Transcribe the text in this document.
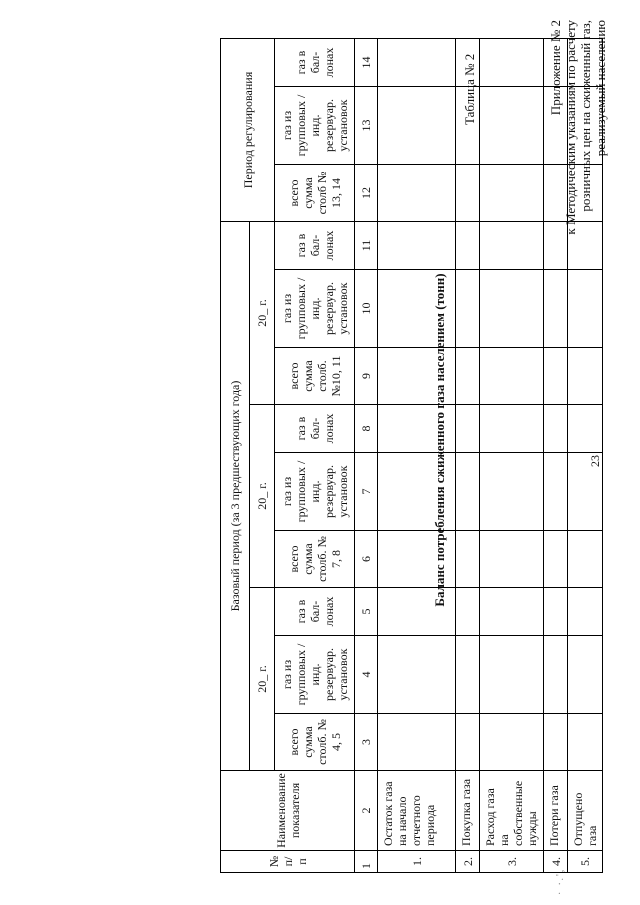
23
Приложение № 2 к Методическим указаниям по расчету розничных цен на сжиженный газ, реализуемый населению
Таблица № 2
Баланс потребления сжиженного газа населением (тонн)
· ⸱.',
№ п/ п	Наименование показателя	Базовый период (за 3 предшествующих года)									Период регулирования		
		20_ г.			20_ г.			20_ г.					
		всего сумма столб. № 4, 5	газ из групповых /инд. резервуар. установок	газ в бал- лонах	всего сумма столб. № 7, 8	газ из групповых /инд. резервуар. установок	газ в бал- лонах	всего сумма столб. №10, 11	газ из групповых /инд. резервуар. установок	газ в бал- лонах	всего сумма столб № 13, 14	газ из групповых /инд. резервуар. установок	газ в бал- лонах
1	2	3	4	5	6	7	8	9	10	11	12	13	14
1.	Остаток газа на начало отчетного периода												
2.	Покупка газа												
3.	Расход газа на собственные нужды												
4.	Потери газа												
5.	Отпущено газа												
